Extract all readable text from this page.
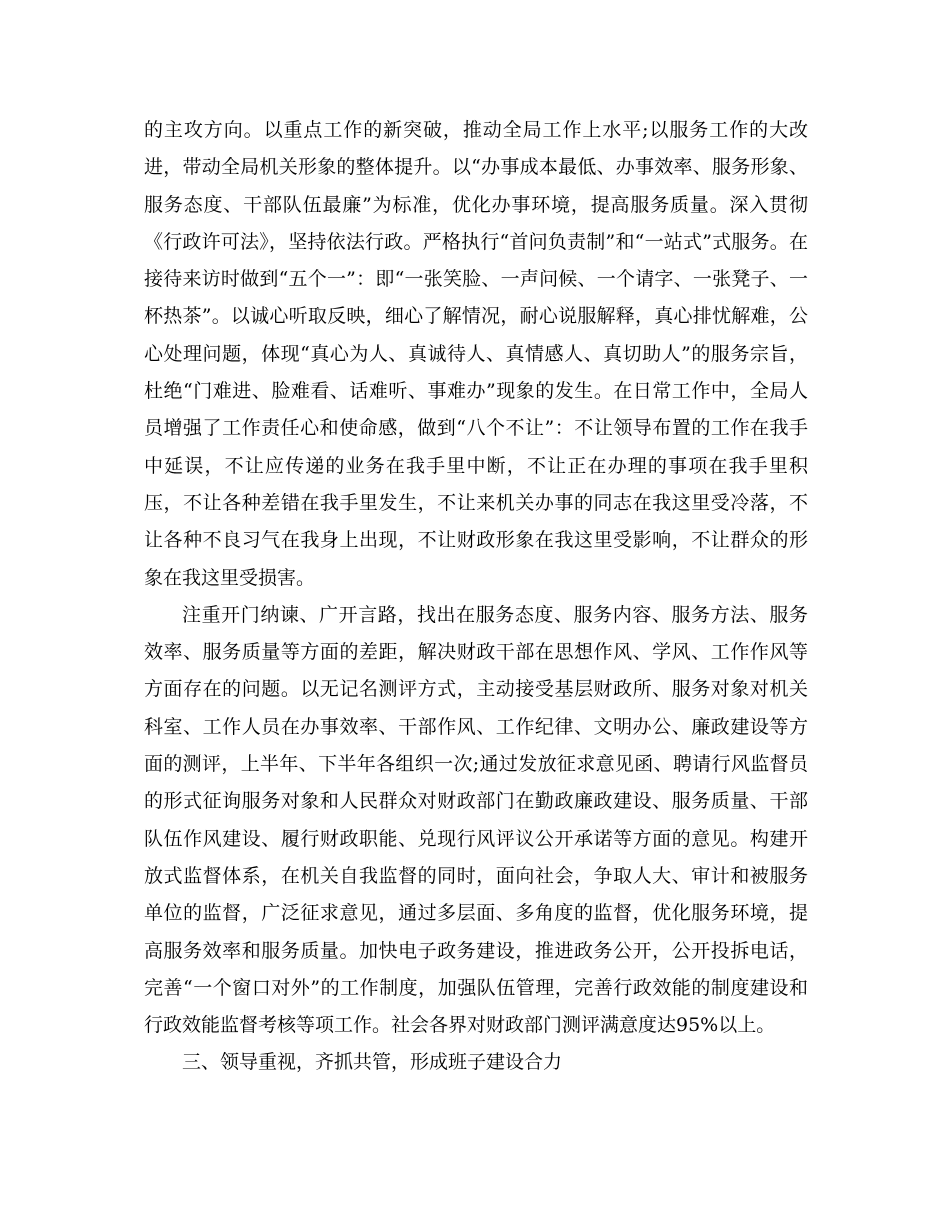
的主攻方向。以重点工作的新突破，推动全局工作上水平;以服务工作的大改进，带动全局机关形象的整体提升。以“办事成本最低、办事效率、服务形象、服务态度、干部队伍最廉”为标准，优化办事环境，提高服务质量。深入贯彻《行政许可法》，坚持依法行政。严格执行“首问负责制”和“一站式”式服务。在接待来访时做到“五个一”：即“一张笑脸、一声问候、一个请字、一张凳子、一杯热茶”。以诚心听取反映，细心了解情况，耐心说服解释，真心排忧解难，公心处理问题，体现“真心为人、真诚待人、真情感人、真切助人”的服务宗旨，杜绝“门难进、脸难看、话难听、事难办”现象的发生。在日常工作中，全局人员增强了工作责任心和使命感，做到“八个不让”：不让领导布置的工作在我手中延误，不让应传递的业务在我手里中断，不让正在办理的事项在我手里积压，不让各种差错在我手里发生，不让来机关办事的同志在我这里受冷落，不让各种不良习气在我身上出现，不让财政形象在我这里受影响，不让群众的形象在我这里受损害。

注重开门纳谏、广开言路，找出在服务态度、服务内容、服务方法、服务效率、服务质量等方面的差距，解决财政干部在思想作风、学风、工作作风等方面存在的问题。以无记名测评方式，主动接受基层财政所、服务对象对机关科室、工作人员在办事效率、干部作风、工作纪律、文明办公、廉政建设等方面的测评，上半年、下半年各组织一次;通过发放征求意见函、聘请行风监督员的形式征询服务对象和人民群众对财政部门在勤政廉政建设、服务质量、干部队伍作风建设、履行财政职能、兑现行风评议公开承诺等方面的意见。构建开放式监督体系，在机关自我监督的同时，面向社会，争取人大、审计和被服务单位的监督，广泛征求意见，通过多层面、多角度的监督，优化服务环境，提高服务效率和服务质量。加快电子政务建设，推进政务公开，公开投拆电话，完善“一个窗口对外”的工作制度，加强队伍管理，完善行政效能的制度建设和行政效能监督考核等项工作。社会各界对财政部门测评满意度达95%以上。

三、领导重视，齐抓共管，形成班子建设合力
